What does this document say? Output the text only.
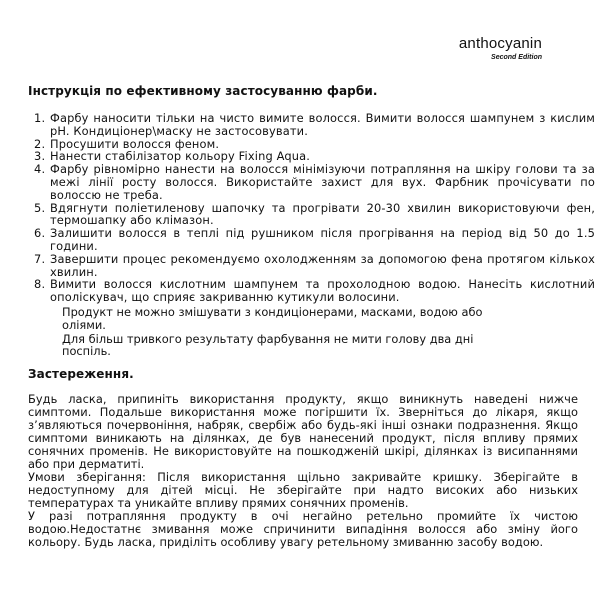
anthocyanin
Second Edition
Інструкція по ефективному застосуванню фарби.
1. Фарбу наносити тільки на чисто вимите волосся. Вимити волосся шампунем з кислим pH. Кондиціонер\маску не застосовувати.
2. Просушити волосся феном.
3. Нанести стабілізатор кольору Fixing Aqua.
4. Фарбу рівномірно нанести на волосся мінімізуючи потрапляння на шкіру голови та за межі лінії росту волосся. Використайте захист для вух. Фарбник прочісувати по волоссю не треба.
5. Вдягнути поліетиленову шапочку та прогрівати 20-30 хвилин використовуючи фен, термошапку або клімазон.
6. Залишити волосся в теплі під рушником після прогрівання на період від 50 до 1.5 години.
7. Завершити процес рекомендуємо охолодженням за допомогою фена протягом кількох хвилин.
8. Вимити волосся кислотним шампунем та прохолодною водою. Нанесіть кислотний ополіскувач, що сприяє закриванню кутикули волосини.

Продукт не можно змішувати з кондиціонерами, масками, водою або оліями.

Для більш тривкого результату фарбування не мити голову два дні поспіль.

Застереження.

Будь ласка, припиніть використання продукту, якщо виникнуть наведені нижче симптоми. Подальше використання може погіршити їх. Зверніться до лікаря, якщо з’являються почервоніння, набряк, свербіж або будь-які інші ознаки подразнення. Якщо симптоми виникають на ділянках, де був нанесений продукт, після впливу прямих сонячних променів. Не використовуйте на пошкодженій шкірі, ділянках із висипаннями або при дерматиті.

Умови зберігання: Після використання щільно закривайте кришку. Зберігайте в недоступному для дітей місці. Не зберігайте при надто високих або низьких температурах та уникайте впливу прямих сонячних променів.

У разі потрапляння продукту в очі негайно ретельно промийте їх чистою водою.Недостатнє змивання може спричинити випадіння волосся або зміну його кольору. Будь ласка, приділіть особливу увагу ретельному змиванню засобу водою.
